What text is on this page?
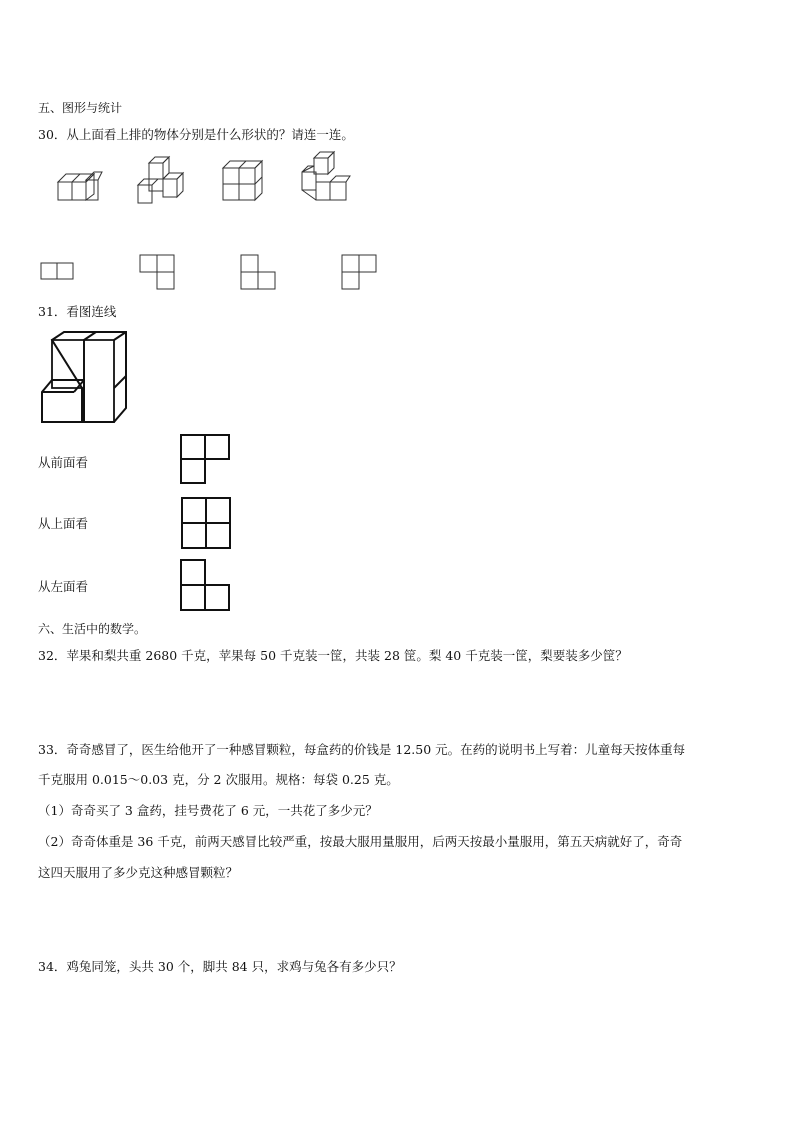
五、图形与统计
30．从上面看上排的物体分别是什么形状的？请连一连。
31．看图连线
从前面看
从上面看
从左面看
六、生活中的数学。
32．苹果和梨共重 2680 千克，苹果每 50 千克装一筐，共装 28 筐。梨 40 千克装一筐，梨要装多少筐？
33．奇奇感冒了，医生给他开了一种感冒颗粒，每盒药的价钱是 12.50 元。在药的说明书上写着：儿童每天按体重每
千克服用 0.015～0.03 克，分 2 次服用。规格：每袋 0.25 克。
（1）奇奇买了 3 盒药，挂号费花了 6 元，一共花了多少元？
（2）奇奇体重是 36 千克，前两天感冒比较严重，按最大服用量服用，后两天按最小量服用，第五天病就好了，奇奇
这四天服用了多少克这种感冒颗粒？
34．鸡兔同笼，头共 30 个，脚共 84 只，求鸡与兔各有多少只？
